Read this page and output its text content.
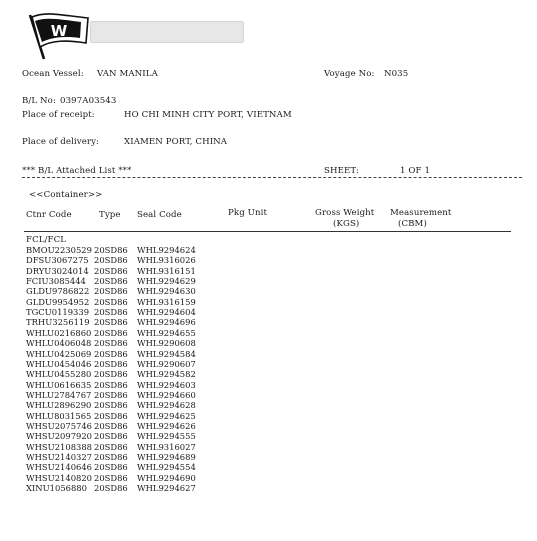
W
Ocean Vessel: VAN MANILA	Voyage No: N035
B/L No: 0397A03543
Place of receipt:	HO CHI MINH CITY PORT, VIETNAM
Place of delivery:	XIAMEN PORT, CHINA
*** B/L Attached List ***	SHEET:	1 OF 1
<<Container>>
Ctnr Code	Type Seal Code	Pkg Unit	Gross Weight
(KGS)
Measurement
(CBM)
FCL/FCL
BMOU2230529 20SD86 WHL9294624
DFSU3067275 20SD86 WHL9316026
DRYU3024014 20SD86 WHL9316151
FCIU3085444 20SD86 WHL9294629
GLDU9786822 20SD86 WHL9294630
GLDU9954952 20SD86 WHL9316159
TGCU0119339 20SD86 WHL9294604
TRHU3256119 20SD86 WHL9294696
WHLU0216860 20SD86 WHL9294655
WHLU0406048 20SD86 WHL9290608
WHLU0425069 20SD86 WHL9294584
WHLU0454046 20SD86 WHL9290607
WHLU0455280 20SD86 WHL9294582
WHLU0616635 20SD86 WHL9294603
WHLU2784767 20SD86 WHL9294660
WHLU2896290 20SD86 WHL9294628
WHLU8031565 20SD86 WHL9294625
WHSU2075746 20SD86 WHL9294626
WHSU2097920 20SD86 WHL9294555
WHSU2108388 20SD86 WHL9316027
WHSU2140327 20SD86 WHL9294689
WHSU2140646 20SD86 WHL9294554
WHSU2140820 20SD86 WHL9294690
XINU1056880 20SD86 WHL9294627
